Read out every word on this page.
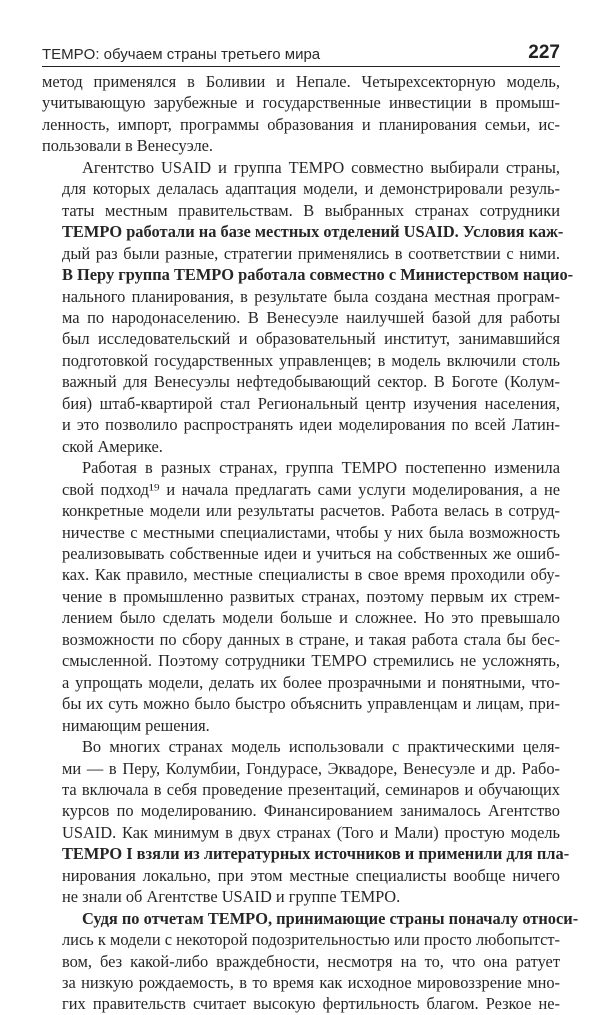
TEMPO: обучаем страны третьего мира	227
метод применялся в Боливии и Непале. Четырехсекторную модель,
учитывающую зарубежные и государственные инвестиции в промыш-
ленность, импорт, программы образования и планирования семьи, ис-
пользовали в Венесуэле.
Агентство USAID и группа TEMPO совместно выбирали страны,
для которых делалась адаптация модели, и демонстрировали резуль-
таты местным правительствам. В выбранных странах сотрудники
TEMPO работали на базе местных отделений USAID. Условия каж-
дый раз были разные, стратегии применялись в соответствии с ними.
В Перу группа TEMPO работала совместно с Министерством нацио-
нального планирования, в результате была создана местная програм-
ма по народонаселению. В Венесуэле наилучшей базой для работы
был исследовательский и образовательный институт, занимавшийся
подготовкой государственных управленцев; в модель включили столь
важный для Венесуэлы нефтедобывающий сектор. В Боготе (Колум-
бия) штаб-квартирой стал Региональный центр изучения населения,
и это позволило распространять идеи моделирования по всей Латин-
ской Америке.
Работая в разных странах, группа TEMPO постепенно изменила
свой подход¹⁹ и начала предлагать сами услуги моделирования, а не
конкретные модели или результаты расчетов. Работа велась в сотруд-
ничестве с местными специалистами, чтобы у них была возможность
реализовывать собственные идеи и учиться на собственных же ошиб-
ках. Как правило, местные специалисты в свое время проходили обу-
чение в промышленно развитых странах, поэтому первым их стрем-
лением было сделать модели больше и сложнее. Но это превышало
возможности по сбору данных в стране, и такая работа стала бы бес-
смысленной. Поэтому сотрудники TEMPO стремились не усложнять,
а упрощать модели, делать их более прозрачными и понятными, что-
бы их суть можно было быстро объяснить управленцам и лицам, при-
нимающим решения.
Во многих странах модель использовали с практическими целя-
ми — в Перу, Колумбии, Гондурасе, Эквадоре, Венесуэле и др. Рабо-
та включала в себя проведение презентаций, семинаров и обучающих
курсов по моделированию. Финансированием занималось Агентство
USAID. Как минимум в двух странах (Того и Мали) простую модель
TEMPO I взяли из литературных источников и применили для пла-
нирования локально, при этом местные специалисты вообще ничего
не знали об Агентстве USAID и группе TEMPO.
Судя по отчетам TEMPO, принимающие страны поначалу относи-
лись к модели с некоторой подозрительностью или просто любопытст-
вом, без какой-либо враждебности, несмотря на то, что она ратует
за низкую рождаемость, в то время как исходное мировоззрение мно-
гих правительств считает высокую фертильность благом. Резкое не-
